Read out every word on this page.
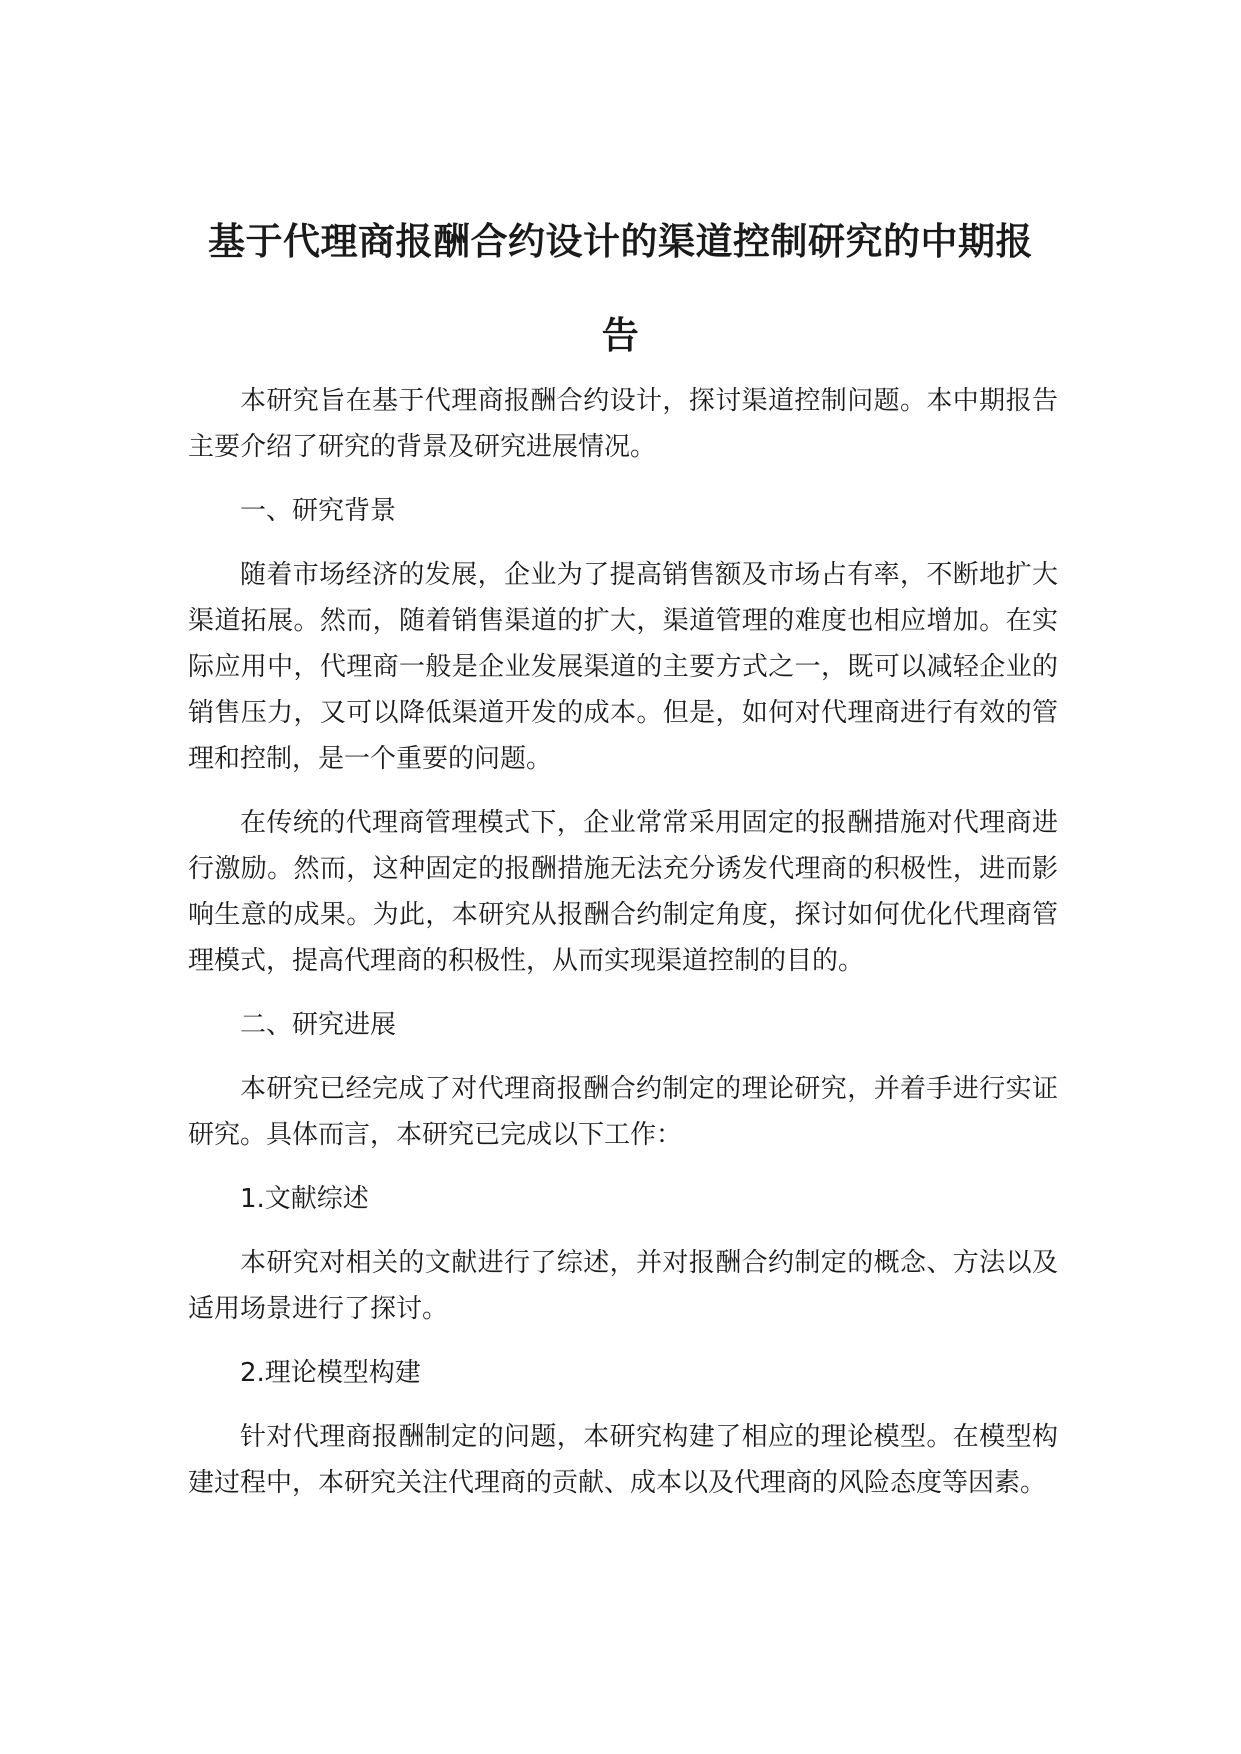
基于代理商报酬合约设计的渠道控制研究的中期报告

本研究旨在基于代理商报酬合约设计，探讨渠道控制问题。本中期报告主要介绍了研究的背景及研究进展情况。

一、研究背景

随着市场经济的发展，企业为了提高销售额及市场占有率，不断地扩大渠道拓展。然而，随着销售渠道的扩大，渠道管理的难度也相应增加。在实际应用中，代理商一般是企业发展渠道的主要方式之一，既可以减轻企业的销售压力，又可以降低渠道开发的成本。但是，如何对代理商进行有效的管理和控制，是一个重要的问题。

在传统的代理商管理模式下，企业常常采用固定的报酬措施对代理商进行激励。然而，这种固定的报酬措施无法充分诱发代理商的积极性，进而影响生意的成果。为此，本研究从报酬合约制定角度，探讨如何优化代理商管理模式，提高代理商的积极性，从而实现渠道控制的目的。

二、研究进展

本研究已经完成了对代理商报酬合约制定的理论研究，并着手进行实证研究。具体而言，本研究已完成以下工作：

1.文献综述

本研究对相关的文献进行了综述，并对报酬合约制定的概念、方法以及适用场景进行了探讨。

2.理论模型构建

针对代理商报酬制定的问题，本研究构建了相应的理论模型。在模型构建过程中，本研究关注代理商的贡献、成本以及代理商的风险态度等因素。
